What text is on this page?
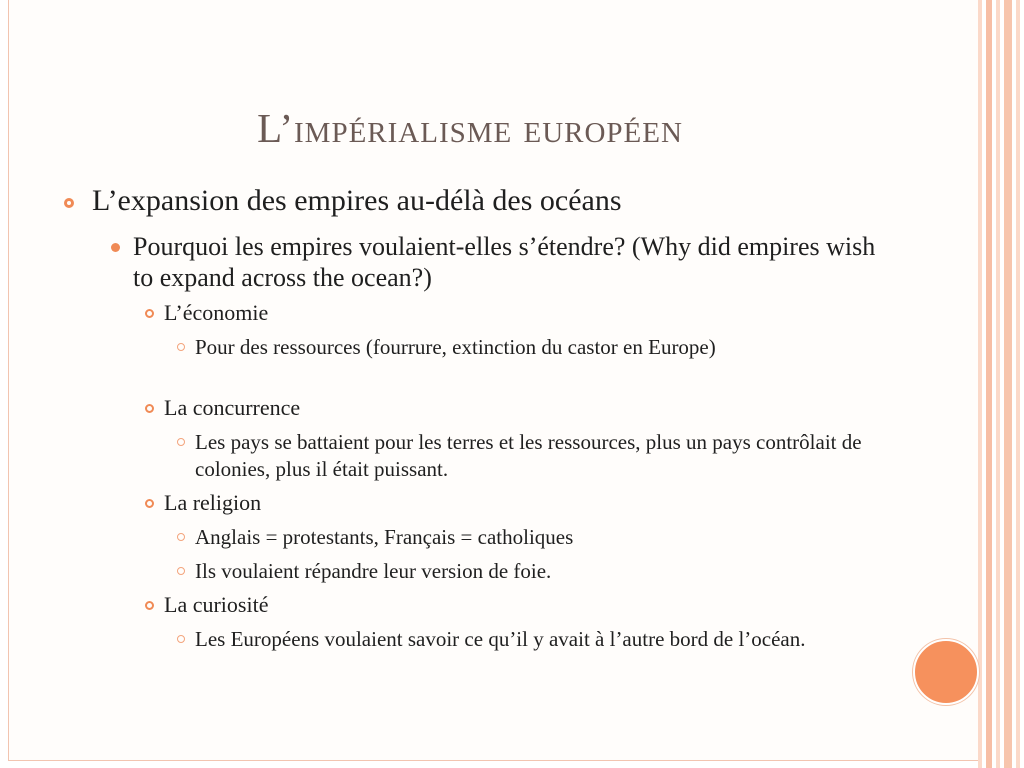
L’impérialisme européen
L’expansion des empires au-délà des océans
Pourquoi les empires voulaient-elles s’étendre? (Why did empires wish to expand across the ocean?)
L’économie
Pour des ressources (fourrure, extinction du castor en Europe)
La concurrence
Les pays se battaient pour les terres et les ressources, plus un pays contrôlait de colonies, plus il était puissant.
La religion
Anglais = protestants, Français = catholiques
Ils voulaient répandre leur version de foie.
La curiosité
Les Européens voulaient savoir ce qu’il y avait à l’autre bord de l’océan.
